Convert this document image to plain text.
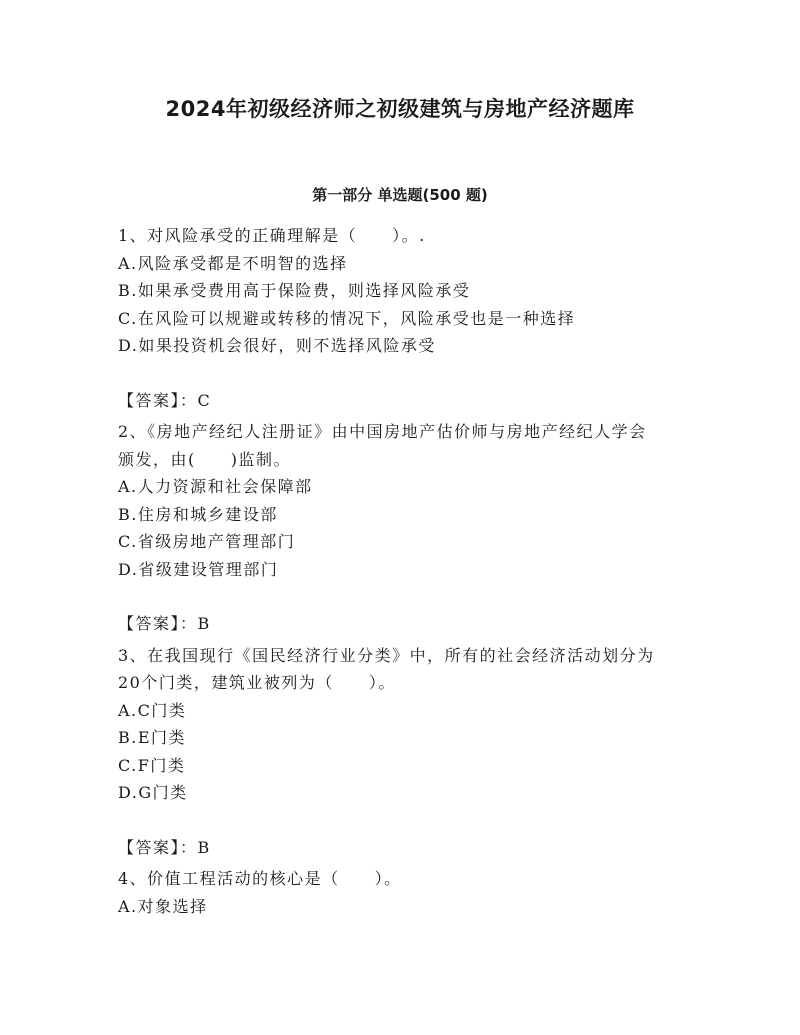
2024年初级经济师之初级建筑与房地产经济题库
第一部分 单选题(500 题)
1、对风险承受的正确理解是（　　）。.
A.风险承受都是不明智的选择
B.如果承受费用高于保险费，则选择风险承受
C.在风险可以规避或转移的情况下，风险承受也是一种选择
D.如果投资机会很好，则不选择风险承受
【答案】：C
2、《房地产经纪人注册证》由中国房地产估价师与房地产经纪人学会
颁发，由(　　)监制。
A.人力资源和社会保障部
B.住房和城乡建设部
C.省级房地产管理部门
D.省级建设管理部门
【答案】：B
3、在我国现行《国民经济行业分类》中，所有的社会经济活动划分为
20个门类，建筑业被列为（　　）。
A.C门类
B.E门类
C.F门类
D.G门类
【答案】：B
4、价值工程活动的核心是（　　）。
A.对象选择
